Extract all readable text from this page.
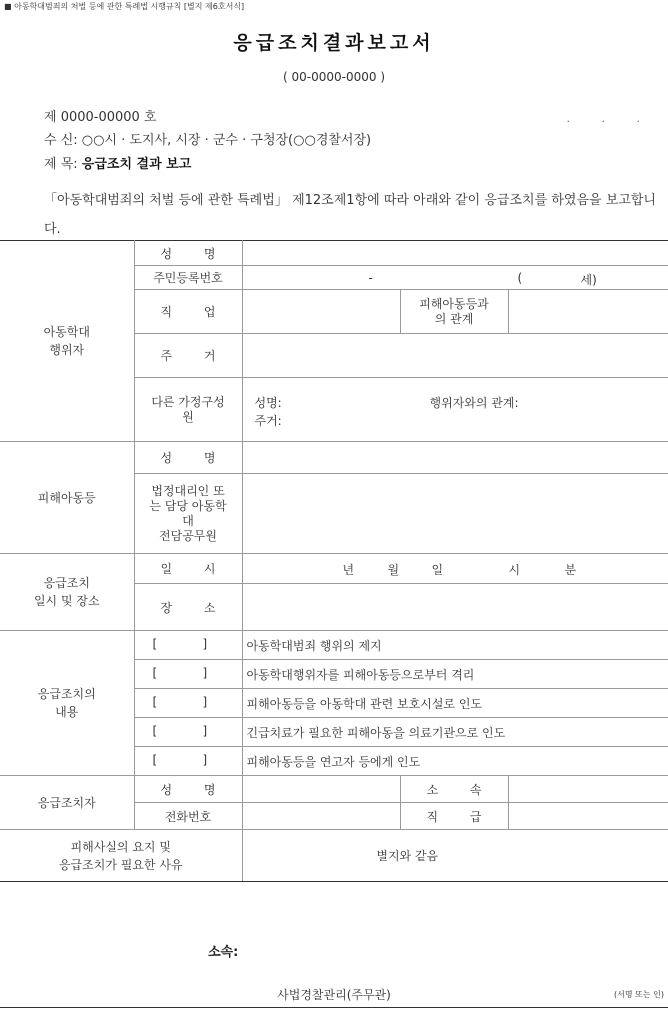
■ 아동학대범죄의 처벌 등에 관한 특례법 시행규칙 [별지 제6호서식]
응급조치결과보고서
( 00-0000-0000 )
제 0000-00000 호	. . .
수 신: ○○시 · 도지사, 시장 · 군수 · 구청장(○○경찰서장)
제 목: 응급조치 결과 보고
「아동학대범죄의 처벌 등에 관한 특례법」 제12조제1항에 따라 아래와 같이 응급조치를 하였음을 보고합니다.
아동학대
행위자	성 명			
	주민등록번호	- ( 세)		

	직 업		피해아동등과
의 관계	
	주 거			
	다른 가정구성
원	성명: 행위자와의 관계:
주거:		

피해아동등	성 명			
	법정대리인 또
는 담당 아동학
대
전담공무원			
응급조치
일시 및 장소	일 시	년 월 일 시 분		

	장 소			
응급조치의
내용	[ ]	아동학대범죄 행위의 제지		

	[ ]	아동학대행위자를 피해아동등으로부터 격리		

	[ ]	피해아동등을 아동학대 관련 보호시설로 인도		

	[ ]	긴급치료가 필요한 피해아동을 의료기관으로 인도		

	[ ]	피해아동등을 연고자 등에게 인도		
응급조치자	성 명		소 속	
	전화번호		직 급	
피해사실의 요지 및
응급조치가 필요한 사유		별지와 같음		
소속:
사법경찰관리(주무관)	(서명 또는 인)
